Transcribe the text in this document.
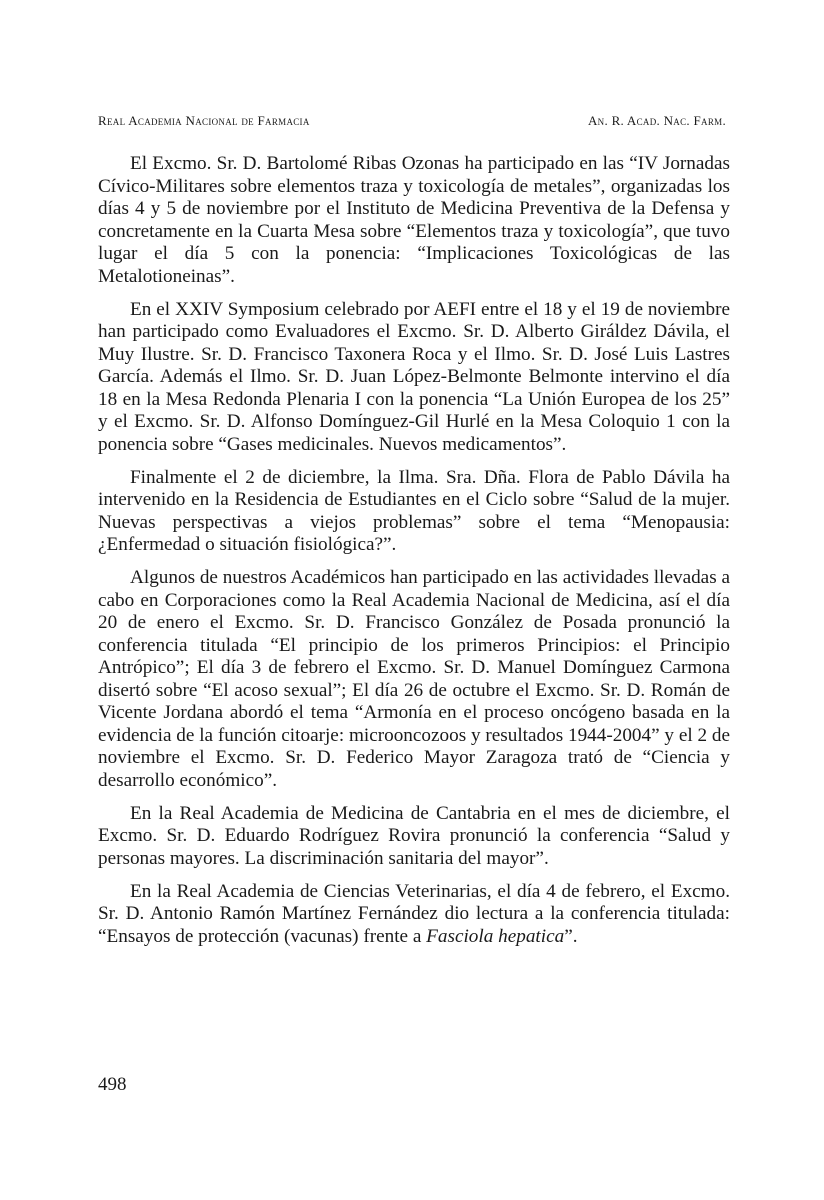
Real Academia Nacional de Farmacia	An. R. Acad. Nac. Farm.

El Excmo. Sr. D. Bartolomé Ribas Ozonas ha participado en las “IV Jornadas Cívico-Militares sobre elementos traza y toxicología de metales”, organizadas los días 4 y 5 de noviembre por el Instituto de Medicina Preventiva de la Defensa y concretamente en la Cuarta Mesa sobre “Elementos traza y toxicología”, que tuvo lugar el día 5 con la ponencia: “Implicaciones Toxicológicas de las Metalotioneinas”.

En el XXIV Symposium celebrado por AEFI entre el 18 y el 19 de noviembre han participado como Evaluadores el Excmo. Sr. D. Alberto Giráldez Dávila, el Muy Ilustre. Sr. D. Francisco Taxonera Roca y el Ilmo. Sr. D. José Luis Lastres García. Además el Ilmo. Sr. D. Juan López-Belmonte Belmonte intervino el día 18 en la Mesa Redonda Plenaria I con la ponencia “La Unión Europea de los 25” y el Excmo. Sr. D. Alfonso Domínguez-Gil Hurlé en la Mesa Coloquio 1 con la ponencia sobre “Gases medicinales. Nuevos medicamentos”.

Finalmente el 2 de diciembre, la Ilma. Sra. Dña. Flora de Pablo Dávila ha intervenido en la Residencia de Estudiantes en el Ciclo sobre “Salud de la mujer. Nuevas perspectivas a viejos problemas” sobre el tema “Menopausia: ¿Enfermedad o situación fisiológica?”.

Algunos de nuestros Académicos han participado en las actividades llevadas a cabo en Corporaciones como la Real Academia Nacional de Medicina, así el día 20 de enero el Excmo. Sr. D. Francisco González de Posada pronunció la conferencia titulada “El principio de los primeros Principios: el Principio Antrópico”; El día 3 de febrero el Excmo. Sr. D. Manuel Domínguez Carmona disertó sobre “El acoso sexual”; El día 26 de octubre el Excmo. Sr. D. Román de Vicente Jordana abordó el tema “Armonía en el proceso oncógeno basada en la evidencia de la función citoarje: microoncozoos y resultados 1944-2004” y el 2 de noviembre el Excmo. Sr. D. Federico Mayor Zaragoza trató de “Ciencia y desarrollo económico”.

En la Real Academia de Medicina de Cantabria en el mes de diciembre, el Excmo. Sr. D. Eduardo Rodríguez Rovira pronunció la conferencia “Salud y personas mayores. La discriminación sanitaria del mayor”.

En la Real Academia de Ciencias Veterinarias, el día 4 de febrero, el Excmo. Sr. D. Antonio Ramón Martínez Fernández dio lectura a la conferencia titulada: “Ensayos de protección (vacunas) frente a Fasciola hepatica”.

498
